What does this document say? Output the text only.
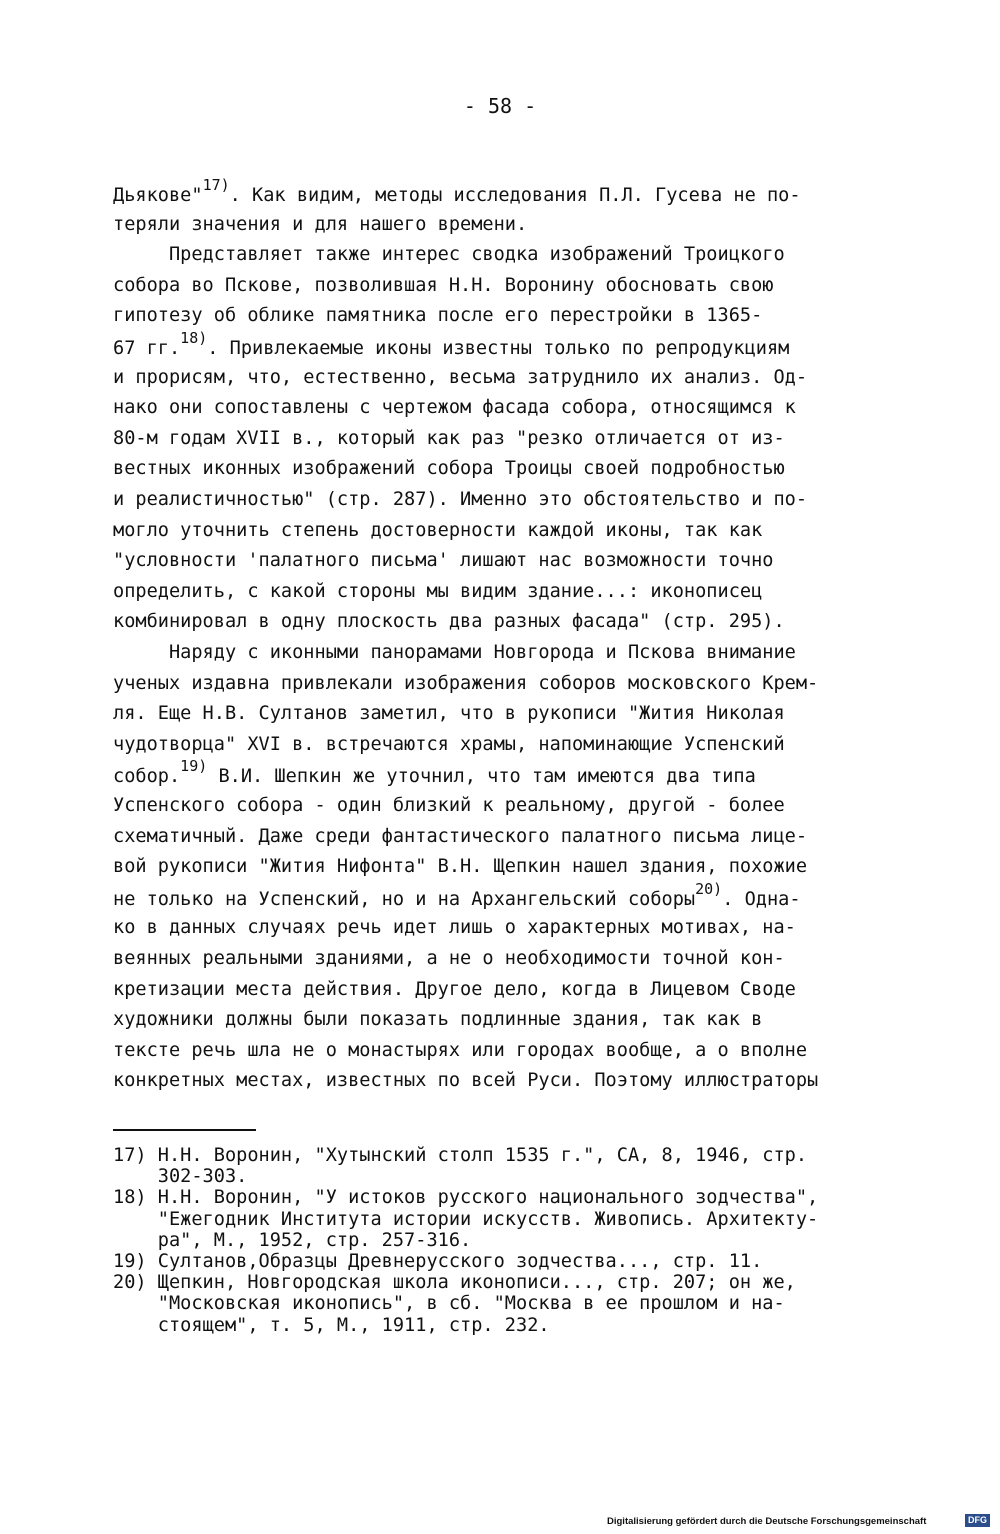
- 58 -
Дьякове"$^{17)}$. Как видим, методы исследования П.Л. Гусева не по-
теряли значения и для нашего времени.
Представляет также интерес сводка изображений Троицкого
собора во Пскове, позволившая Н.Н. Воронину обосновать свою
гипотезу об облике памятника после его перестройки в 1365-
67 гг.$^{18)}$. Привлекаемые иконы известны только по репродукциям
и прорисям, что, естественно, весьма затруднило их анализ. Од-
нако они сопоставлены с чертежом фасада собора, относящимся к
80-м годам XVII в., который как раз "резко отличается от из-
вестных иконных изображений собора Троицы своей подробностью
и реалистичностью" (стр. 287). Именно это обстоятельство и по-
могло уточнить степень достоверности каждой иконы, так как
"условности 'палатного письма' лишают нас возможности точно
определить, с какой стороны мы видим здание...: иконописец
комбинировал в одну плоскость два разных фасада" (стр. 295).
Наряду с иконными панорамами Новгорода и Пскова внимание
ученых издавна привлекали изображения соборов московского Крем-
ля. Еще Н.В. Султанов заметил, что в рукописи "Жития Николая
чудотворца" XVI в. встречаются храмы, напоминающие Успенский
собор.$^{19)}$ В.И. Шепкин же уточнил, что там имеются два типа
Успенского собора - один близкий к реальному, другой - более
схематичный. Даже среди фантастического палатного письма лице-
вой рукописи "Жития Нифонта" В.Н. Щепкин нашел здания, похожие
не только на Успенский, но и на Архангельский соборы$^{20)}$. Одна-
ко в данных случаях речь идет лишь о характерных мотивах, на-
веянных реальными зданиями, а не о необходимости точной кон-
кретизации места действия. Другое дело, когда в Лицевом Своде
художники должны были показать подлинные здания, так как в
тексте речь шла не о монастырях или городах вообще, а о вполне
конкретных местах, известных по всей Руси. Поэтому иллюстраторы
17) Н.Н. Воронин, "Хутынский столп 1535 г.", СА, 8, 1946, стр.
302-303.
18) Н.Н. Воронин, "У истоков русского национального зодчества",
"Ежегодник Института истории искусств. Живопись. Архитекту-
ра", М., 1952, стр. 257-316.
19) Султанов,Образцы Древнерусского зодчества..., стр. 11.
20) Щепкин, Новгородская школа иконописи..., стр. 207; он же,
"Московская иконопись", в сб. "Москва в ее прошлом и на-
стоящем", т. 5, М., 1911, стр. 232.
Digitalisierung gefördert durch die Deutsche Forschungsgemeinschaft	DFG
